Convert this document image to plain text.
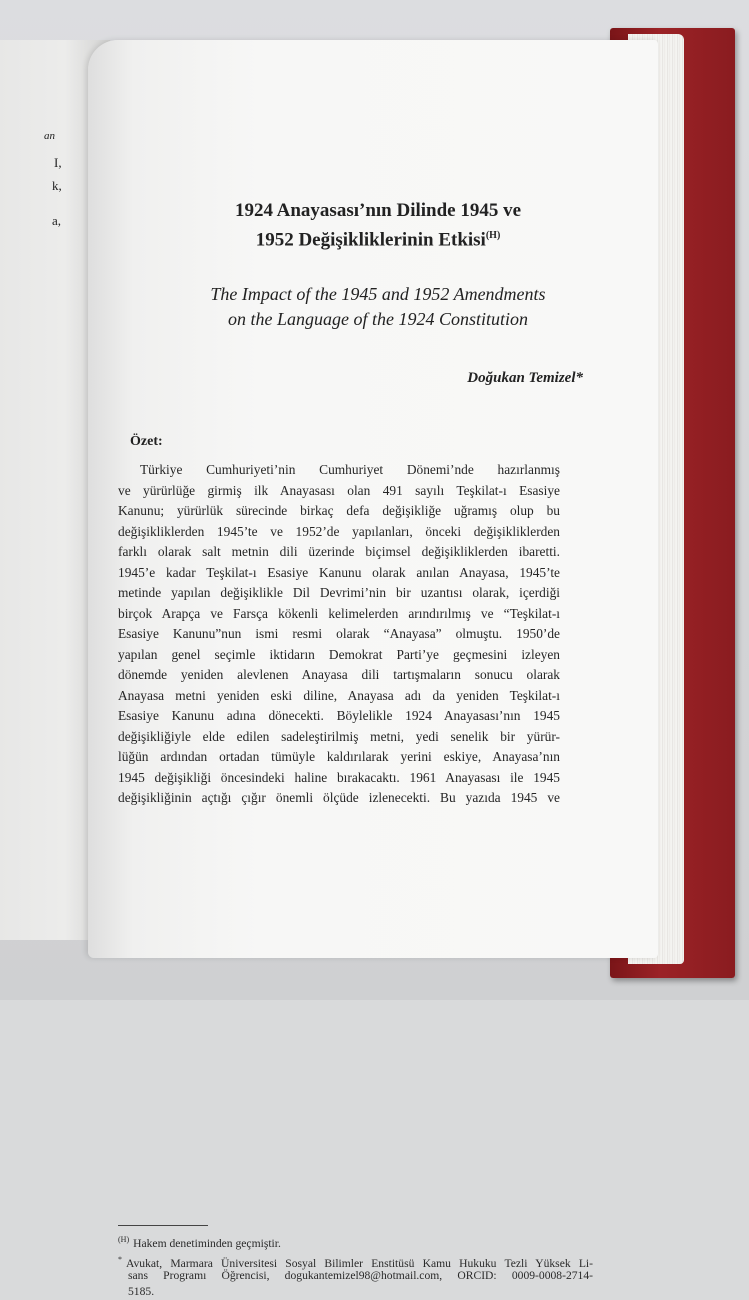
an
I,
k,
a,	1924 Anayasası’nın Dilinde 1945 ve
1952 Değişikliklerinin Etkisi$^{(H)}$
The Impact of the 1945 and 1952 Amendments
on the Language of the 1924 Constitution
Doğukan Temizel*
Özet:
Türkiye Cumhuriyeti’nin Cumhuriyet Dönemi’nde hazırlanmış
ve yürürlüğe girmiş ilk Anayasası olan 491 sayılı Teşkilat-ı Esasiye
Kanunu; yürürlük sürecinde birkaç defa değişikliğe uğramış olup bu
değişikliklerden 1945’te ve 1952’de yapılanları, önceki değişikliklerden
farklı olarak salt metnin dili üzerinde biçimsel değişikliklerden ibaretti.
1945’e kadar Teşkilat-ı Esasiye Kanunu olarak anılan Anayasa, 1945’te
metinde yapılan değişiklikle Dil Devrimi’nin bir uzantısı olarak, içerdiği
birçok Arapça ve Farsça kökenli kelimelerden arındırılmış ve “Teşkilat-ı
Esasiye Kanunu”nun ismi resmi olarak “Anayasa” olmuştu. 1950’de
yapılan genel seçimle iktidarın Demokrat Parti’ye geçmesini izleyen
dönemde yeniden alevlenen Anayasa dili tartışmaların sonucu olarak
Anayasa metni yeniden eski diline, Anayasa adı da yeniden Teşkilat-ı
Esasiye Kanunu adına dönecekti. Böylelikle 1924 Anayasası’nın 1945
değişikliğiyle elde edilen sadeleştirilmiş metni, yedi senelik bir yürür-
lüğün ardından ortadan tümüyle kaldırılarak yerini eskiye, Anayasa’nın
1945 değişikliği öncesindeki haline bırakacaktı. 1961 Anayasası ile 1945
değişikliğinin açtığı çığır önemli ölçüde izlenecekti. Bu yazıda 1945 ve
$^{(H)}$ Hakem denetiminden geçmiştir.
* Avukat, Marmara Üniversitesi Sosyal Bilimler Enstitüsü Kamu Hukuku Tezli Yüksek Li-
sans Programı Öğrencisi, dogukantemizel98@hotmail.com, ORCID: 0009-0008-2714-
5185.
